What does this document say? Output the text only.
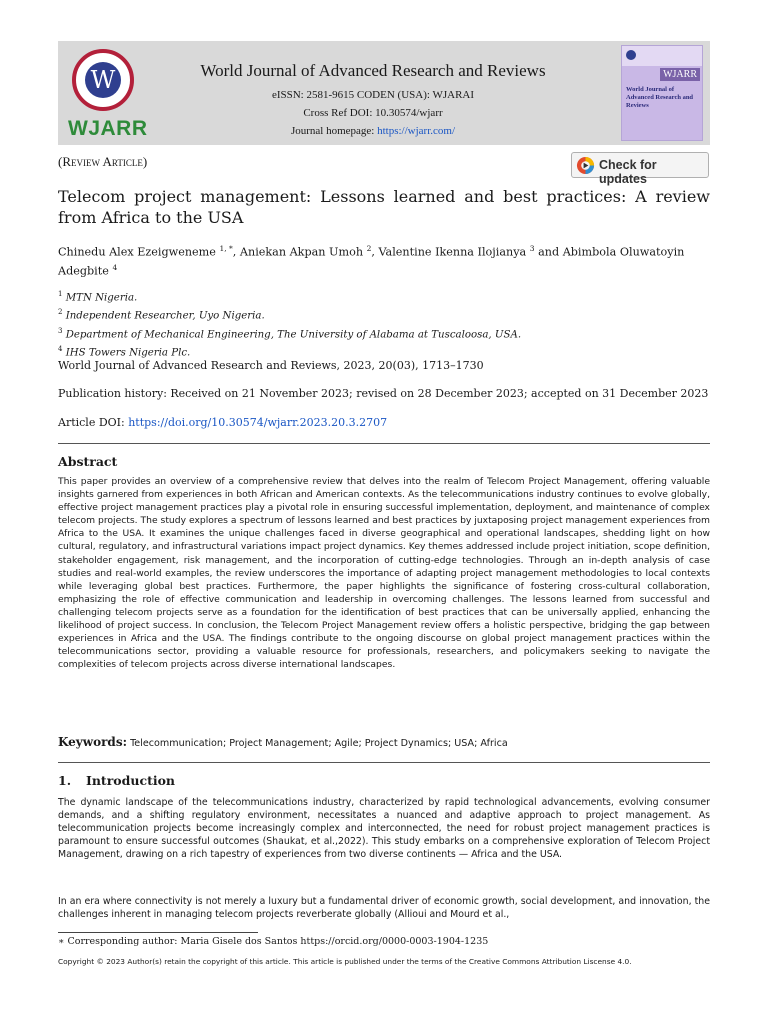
W
WJARR
World Journal of Advanced Research and Reviews
eISSN: 2581-9615 CODEN (USA): WJARAI
Cross Ref DOI: 10.30574/wjarr
Journal homepage: https://wjarr.com/
WJARR
World Journal of Advanced Research and Reviews
(Review Article)	Check for updates
Telecom project management: Lessons learned and best practices: A review from Africa to the USA
Chinedu Alex Ezeigweneme $^{1, *}$, Aniekan Akpan Umoh $^2$, Valentine Ikenna Ilojianya $^3$ and Abimbola Oluwatoyin Adegbite $^4$
$^1$ MTN Nigeria.
$^2$ Independent Researcher, Uyo Nigeria.
$^3$ Department of Mechanical Engineering, The University of Alabama at Tuscaloosa, USA.
$^4$ IHS Towers Nigeria Plc.
World Journal of Advanced Research and Reviews, 2023, 20(03), 1713–1730
Publication history: Received on 21 November 2023; revised on 28 December 2023; accepted on 31 December 2023
Article DOI: https://doi.org/10.30574/wjarr.2023.20.3.2707
Abstract
This paper provides an overview of a comprehensive review that delves into the realm of Telecom Project Management, offering valuable insights garnered from experiences in both African and American contexts. As the telecommunications industry continues to evolve globally, effective project management practices play a pivotal role in ensuring successful implementation, deployment, and maintenance of complex telecom projects. The study explores a spectrum of lessons learned and best practices by juxtaposing project management experiences from Africa to the USA. It examines the unique challenges faced in diverse geographical and operational landscapes, shedding light on how cultural, regulatory, and infrastructural variations impact project dynamics. Key themes addressed include project initiation, scope definition, stakeholder engagement, risk management, and the incorporation of cutting-edge technologies. Through an in-depth analysis of case studies and real-world examples, the review underscores the importance of adapting project management methodologies to local contexts while leveraging global best practices. Furthermore, the paper highlights the significance of fostering cross-cultural collaboration, emphasizing the role of effective communication and leadership in overcoming challenges. The lessons learned from successful and challenging telecom projects serve as a foundation for the identification of best practices that can be universally applied, enhancing the likelihood of project success. In conclusion, the Telecom Project Management review offers a holistic perspective, bridging the gap between experiences in Africa and the USA. The findings contribute to the ongoing discourse on global project management practices within the telecommunications sector, providing a valuable resource for professionals, researchers, and policymakers seeking to navigate the complexities of telecom projects across diverse international landscapes.
Keywords: Telecommunication; Project Management; Agile; Project Dynamics; USA; Africa
1. Introduction
The dynamic landscape of the telecommunications industry, characterized by rapid technological advancements, evolving consumer demands, and a shifting regulatory environment, necessitates a nuanced and adaptive approach to project management. As telecommunication projects become increasingly complex and interconnected, the need for robust project management practices is paramount to ensure successful outcomes (Shaukat, et al.,2022). This study embarks on a comprehensive exploration of Telecom Project Management, drawing on a rich tapestry of experiences from two diverse continents — Africa and the USA.
In an era where connectivity is not merely a luxury but a fundamental driver of economic growth, social development, and innovation, the challenges inherent in managing telecom projects reverberate globally (Allioui and Mourd et al.,
∗ Corresponding author: Maria Gisele dos Santos https://orcid.org/0000-0003-1904-1235
Copyright © 2023 Author(s) retain the copyright of this article. This article is published under the terms of the Creative Commons Attribution Liscense 4.0.
